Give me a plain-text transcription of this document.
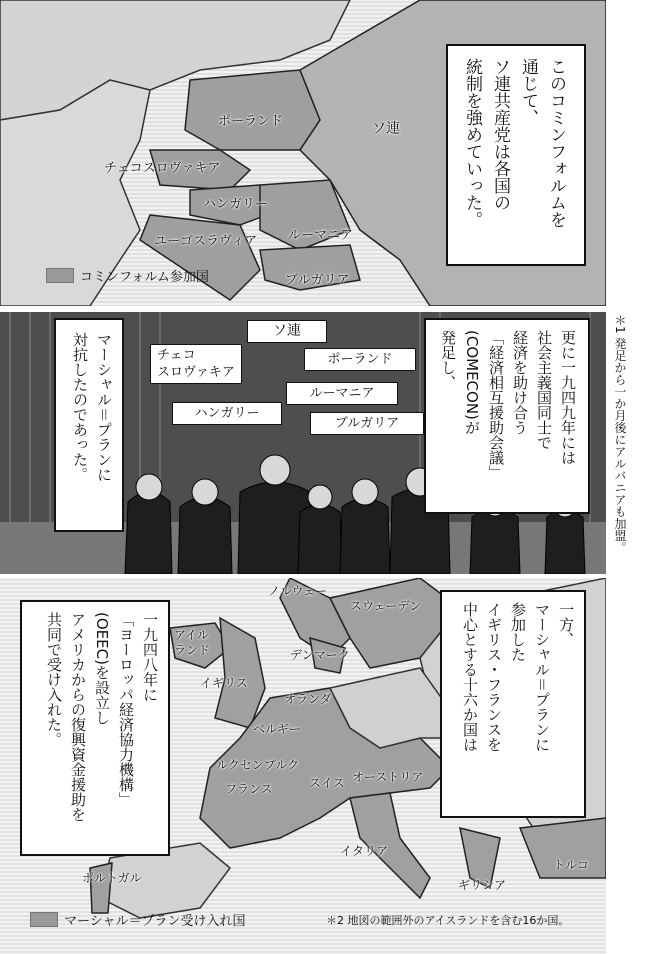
ポーランド	ソ連
チェコスロヴァキア
ハンガリー
ユーゴスラヴィア ルーマニア
ブルガリア
コミンフォルム参加国
このコミンフォルムを
通じて、
ソ連共産党は各国の
統制を強めていった。
＊1 発足から一か月後にアルバニアも加盟。
ソ連
チェコ
スロヴァキア
ポーランド
ルーマニア
ハンガリー
ブルガリア
マーシャル＝プランに
対抗したのであった。	更に一九四九年には
社会主義国同士で
経済を助け合う
「経済相互援助会議」
(COMECON)が
発足し、
ノルウェー
スウェーデン
アイル
ランド	デンマーク
イギリス
オランダ
ベルギー
ルクセンブルク
スイス オーストリア
フランス
イタリア
ポルトガル
トルコ
ギリシア
一九四八年に
「ヨーロッパ経済協力機構」
(OEEC)を設立し
アメリカからの復興資金援助を
共同で受け入れた。	一方、
マーシャル＝プランに
参加した
イギリス・フランスを
中心とする十六か国は
マーシャル＝プラン受け入れ国	＊2 地図の範囲外のアイスランドを含む16か国。
